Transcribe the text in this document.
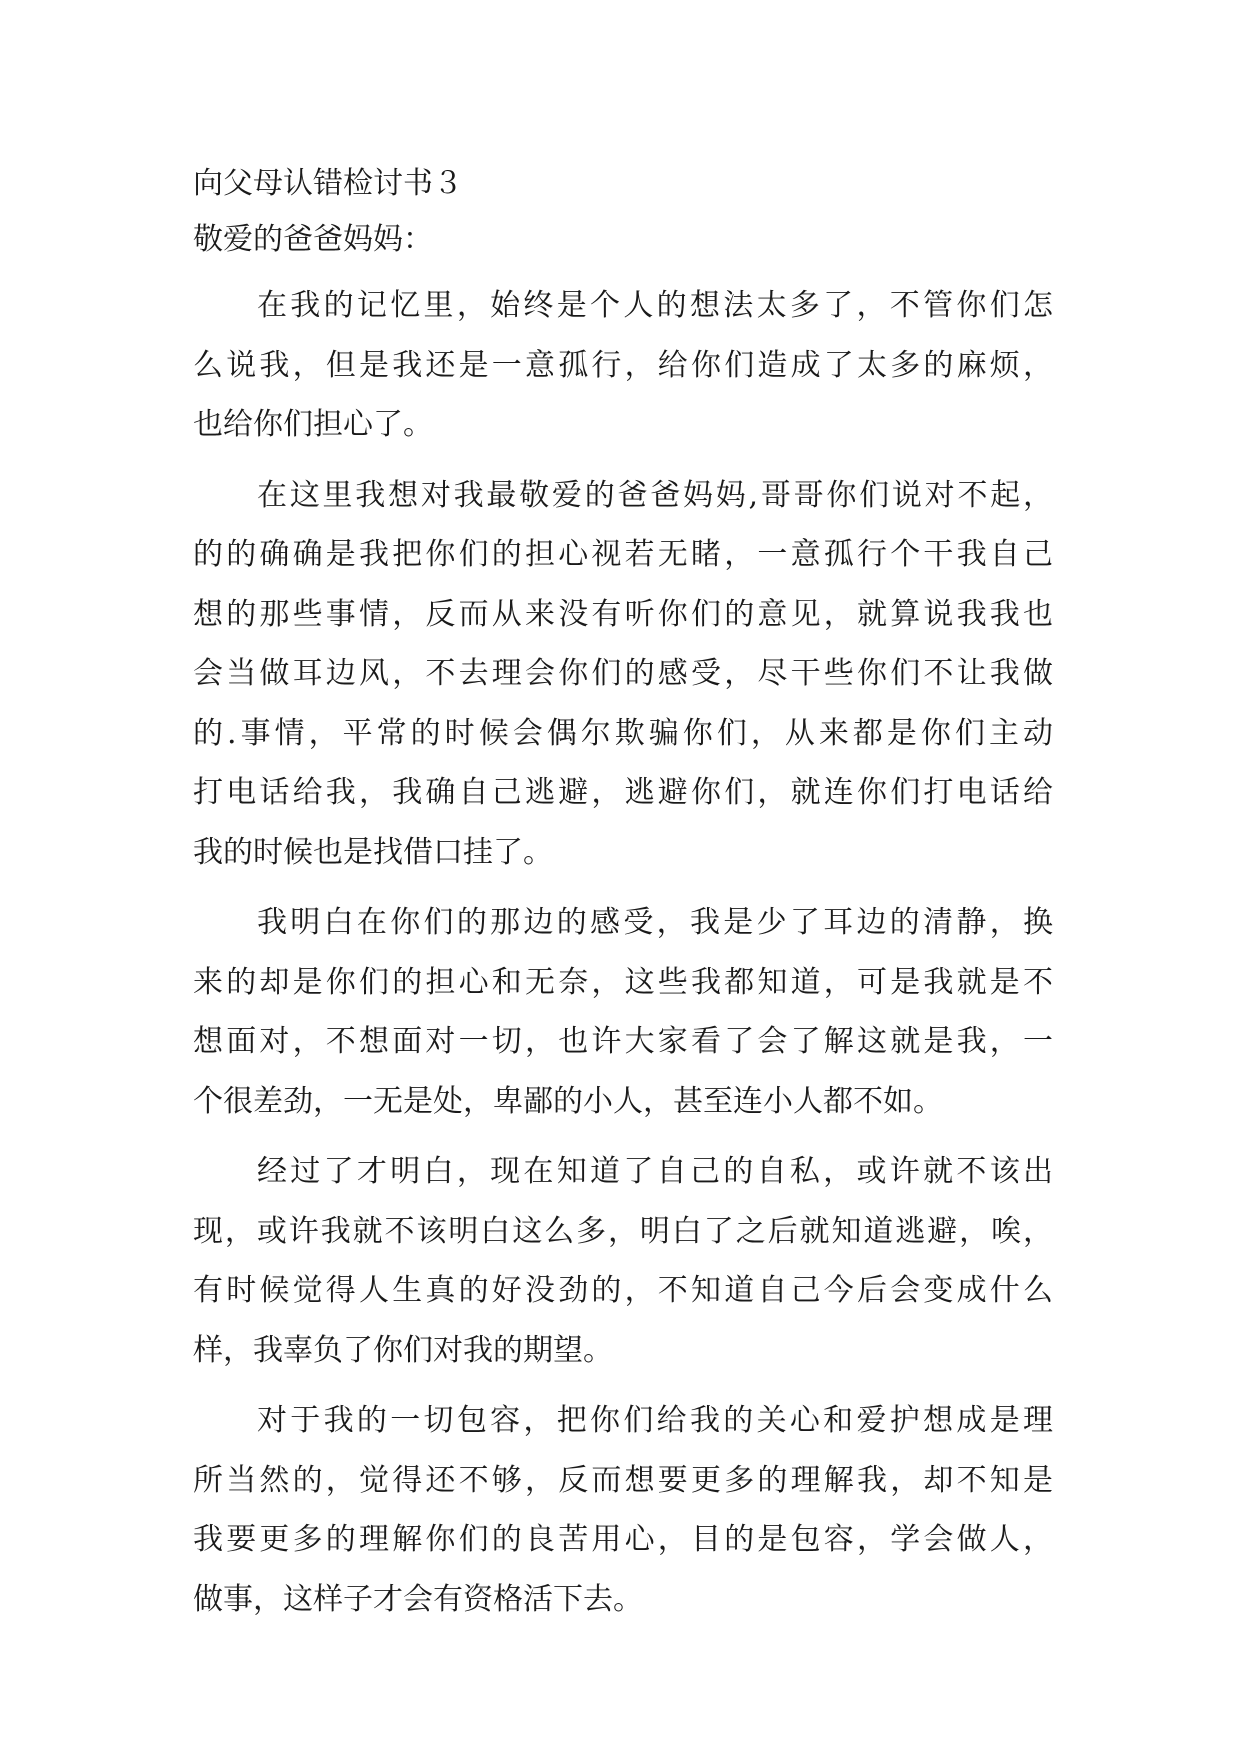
向父母认错检讨书３

敬爱的爸爸妈妈：

在我的记忆里，始终是个人的想法太多了，不管你们怎
么说我，但是我还是一意孤行，给你们造成了太多的麻烦，
也给你们担心了。

在这里我想对我最敬爱的爸爸妈妈,哥哥你们说对不起，
的的确确是我把你们的担心视若无睹，一意孤行个干我自己
想的那些事情，反而从来没有听你们的意见，就算说我我也
会当做耳边风，不去理会你们的感受，尽干些你们不让我做
的.事情，平常的时候会偶尔欺骗你们，从来都是你们主动
打电话给我，我确自己逃避，逃避你们，就连你们打电话给
我的时候也是找借口挂了。

我明白在你们的那边的感受，我是少了耳边的清静，换
来的却是你们的担心和无奈，这些我都知道，可是我就是不
想面对，不想面对一切，也许大家看了会了解这就是我，一
个很差劲，一无是处，卑鄙的小人，甚至连小人都不如。

经过了才明白，现在知道了自己的自私，或许就不该出
现，或许我就不该明白这么多，明白了之后就知道逃避，唉，
有时候觉得人生真的好没劲的，不知道自己今后会变成什么
样，我辜负了你们对我的期望。

对于我的一切包容，把你们给我的关心和爱护想成是理
所当然的，觉得还不够，反而想要更多的理解我，却不知是
我要更多的理解你们的良苦用心，目的是包容，学会做人，
做事，这样子才会有资格活下去。
